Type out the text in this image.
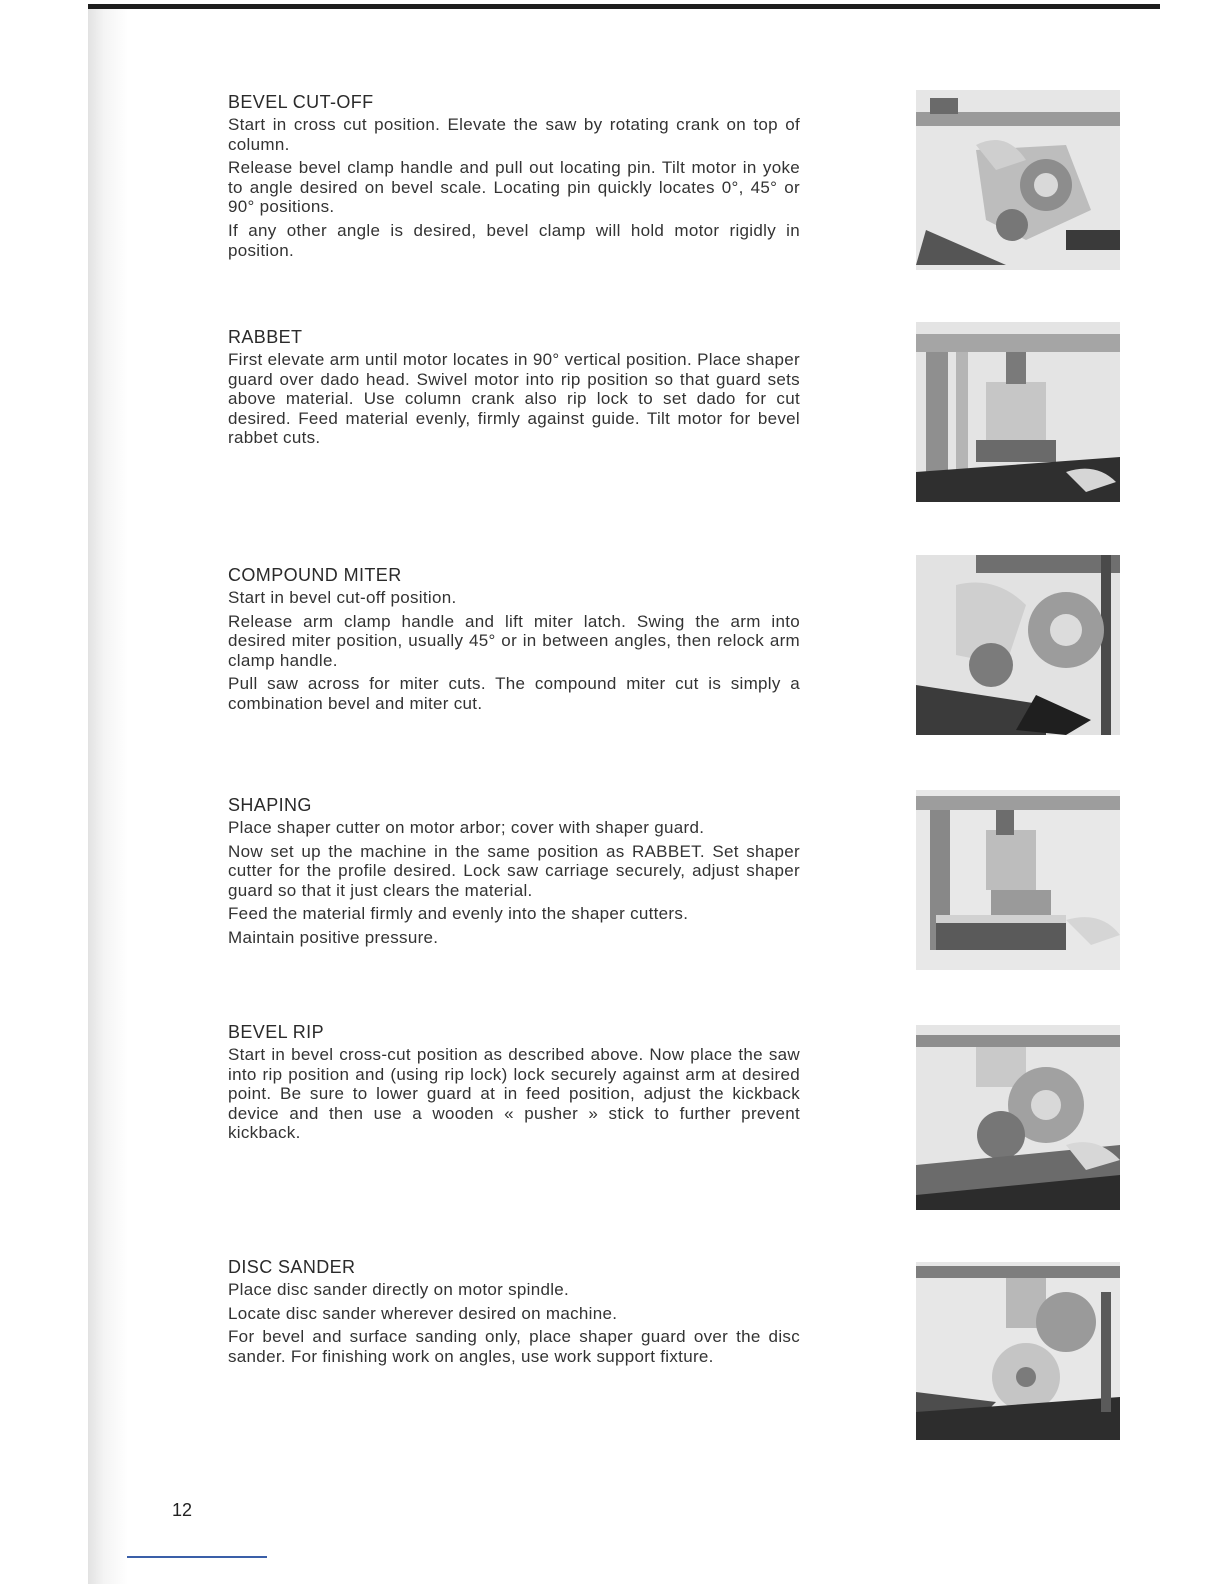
BEVEL CUT-OFF

Start in cross cut position. Elevate the saw by rotating crank on top of column.

Release bevel clamp handle and pull out locating pin. Tilt motor in yoke to angle desired on bevel scale. Locating pin quickly locates 0°, 45° or 90° positions.

If any other angle is desired, bevel clamp will hold motor rigidly in position.

RABBET

First elevate arm until motor locates in 90° vertical position. Place shaper guard over dado head. Swivel motor into rip position so that guard sets above material. Use column crank also rip lock to set dado for cut desired. Feed material evenly, firmly against guide. Tilt motor for bevel rabbet cuts.

COMPOUND MITER

Start in bevel cut-off position.

Release arm clamp handle and lift miter latch. Swing the arm into desired miter position, usually 45° or in between angles, then relock arm clamp handle.

Pull saw across for miter cuts. The compound miter cut is simply a combination bevel and miter cut.

SHAPING

Place shaper cutter on motor arbor; cover with shaper guard.

Now set up the machine in the same position as RABBET. Set shaper cutter for the profile desired. Lock saw carriage securely, adjust shaper guard so that it just clears the material.

Feed the material firmly and evenly into the shaper cutters.

Maintain positive pressure.

BEVEL RIP

Start in bevel cross-cut position as described above. Now place the saw into rip position and (using rip lock) lock securely against arm at desired point. Be sure to lower guard at in feed position, adjust the kickback device and then use a wooden « pusher » stick to further prevent kickback.

DISC SANDER

Place disc sander directly on motor spindle.

Locate disc sander wherever desired on machine.

For bevel and surface sanding only, place shaper guard over the disc sander. For finishing work on angles, use work support fixture.

12
